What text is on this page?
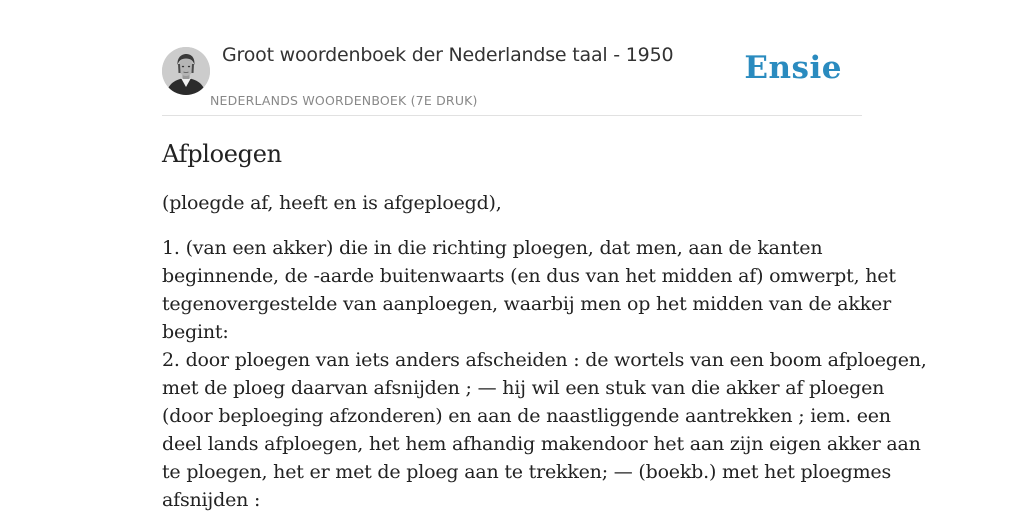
Groot woordenboek der Nederlandse taal - 1950
NEDERLANDS WOORDENBOEK (7E DRUK)
Ensie
Afploegen

(ploegde af, heeft en is afgeploegd),

1. (van een akker) die in die richting ploegen, dat men, aan de kanten
beginnende, de -aarde buitenwaarts (en dus van het midden af) omwerpt, het
tegenovergestelde van aanploegen, waarbij men op het midden van de akker
begint:
2. door ploegen van iets anders afscheiden : de wortels van een boom afploegen,
met de ploeg daarvan afsnijden ; — hij wil een stuk van die akker af ploegen
(door beploeging afzonderen) en aan de naastliggende aantrekken ; iem. een
deel lands afploegen, het hem afhandig makendoor het aan zijn eigen akker aan
te ploegen, het er met de ploeg aan te trekken; — (boekb.) met het ploegmes
afsnijden :
